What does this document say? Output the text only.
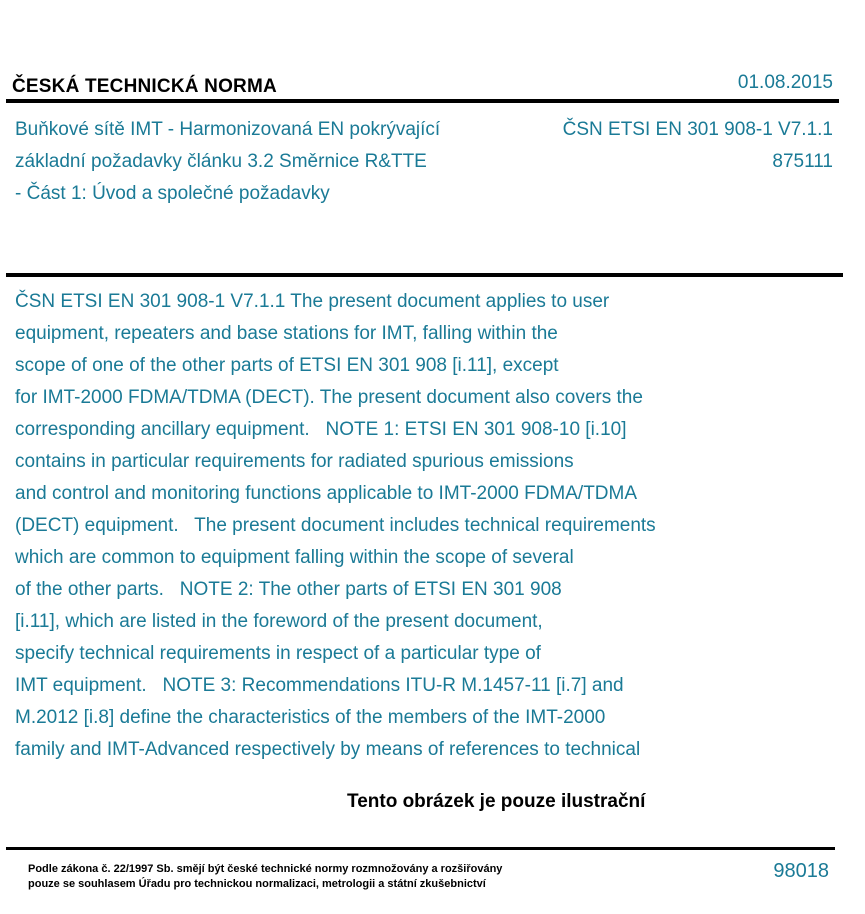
ČESKÁ TECHNICKÁ NORMA	01.08.2015
Buňkové sítě IMT - Harmonizovaná EN pokrývající
základní požadavky článku 3.2 Směrnice R&TTE
- Část 1: Úvod a společné požadavky
ČSN ETSI EN 301 908-1 V7.1.1
875111
ČSN ETSI EN 301 908-1 V7.1.1 The present document applies to user
equipment, repeaters and base stations for IMT, falling within the
scope of one of the other parts of ETSI EN 301 908 [i.11], except
for IMT-2000 FDMA/TDMA (DECT). The present document also covers the
corresponding ancillary equipment.   NOTE 1: ETSI EN 301 908-10 [i.10]
contains in particular requirements for radiated spurious emissions
and control and monitoring functions applicable to IMT-2000 FDMA/TDMA
(DECT) equipment.   The present document includes technical requirements
which are common to equipment falling within the scope of several
of the other parts.   NOTE 2: The other parts of ETSI EN 301 908
[i.11], which are listed in the foreword of the present document,
specify technical requirements in respect of a particular type of
IMT equipment.   NOTE 3: Recommendations ITU-R M.1457-11 [i.7] and
M.2012 [i.8] define the characteristics of the members of the IMT-2000
family and IMT-Advanced respectively by means of references to technical
Tento obrázek je pouze ilustrační
Podle zákona č. 22/1997 Sb. smějí být české technické normy rozmnožovány a rozšiřovány
pouze se souhlasem Úřadu pro technickou normalizaci, metrologii a státní zkušebnictví
98018
